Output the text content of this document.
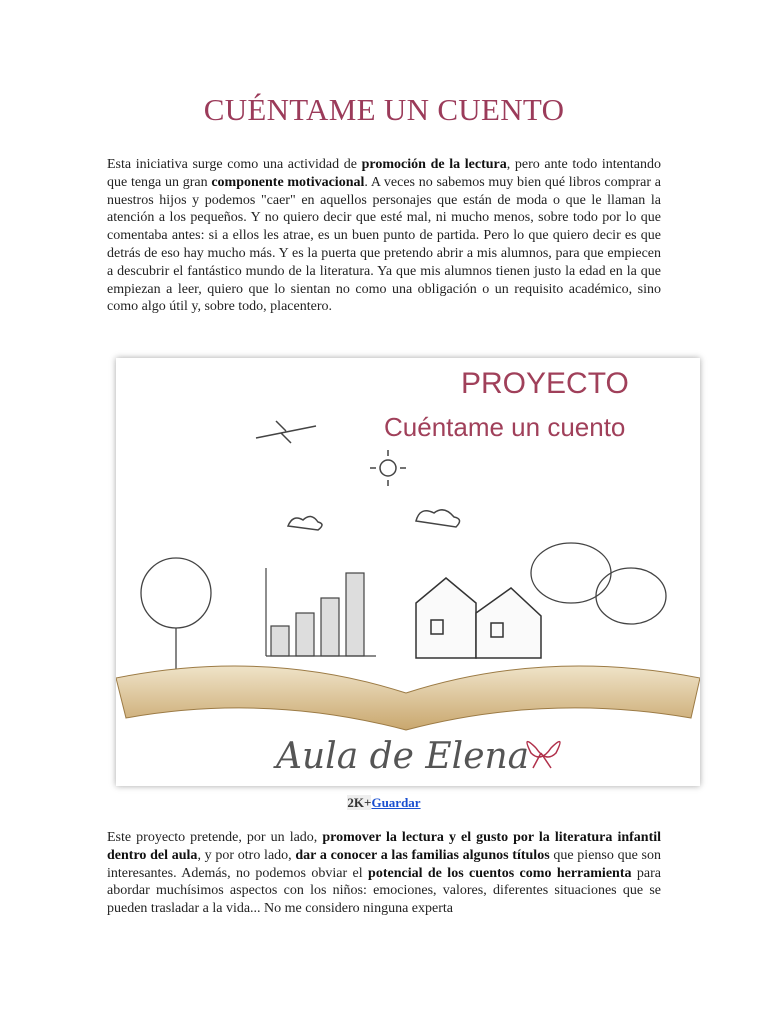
CUÉNTAME UN CUENTO
Esta iniciativa surge como una actividad de promoción de la lectura, pero ante todo intentando que tenga un gran componente motivacional. A veces no sabemos muy bien qué libros comprar a nuestros hijos y podemos "caer" en aquellos personajes que están de moda o que le llaman la atención a los pequeños. Y no quiero decir que esté mal, ni mucho menos, sobre todo por lo que comentaba antes: si a ellos les atrae, es un buen punto de partida. Pero lo que quiero decir es que detrás de eso hay mucho más. Y es la puerta que pretendo abrir a mis alumnos, para que empiecen a descubrir el fantástico mundo de la literatura. Ya que mis alumnos tienen justo la edad en la que empiezan a leer, quiero que lo sientan no como una obligación o un requisito académico, sino como algo útil y, sobre todo, placentero.
PROYECTO
Cuéntame un cuento
Aula de Elena
2K+Guardar
Este proyecto pretende, por un lado, promover la lectura y el gusto por la literatura infantil dentro del aula, y por otro lado, dar a conocer a las familias algunos títulos que pienso que son interesantes. Además, no podemos obviar el potencial de los cuentos como herramienta para abordar muchísimos aspectos con los niños: emociones, valores, diferentes situaciones que se pueden trasladar a la vida... No me considero ninguna experta
